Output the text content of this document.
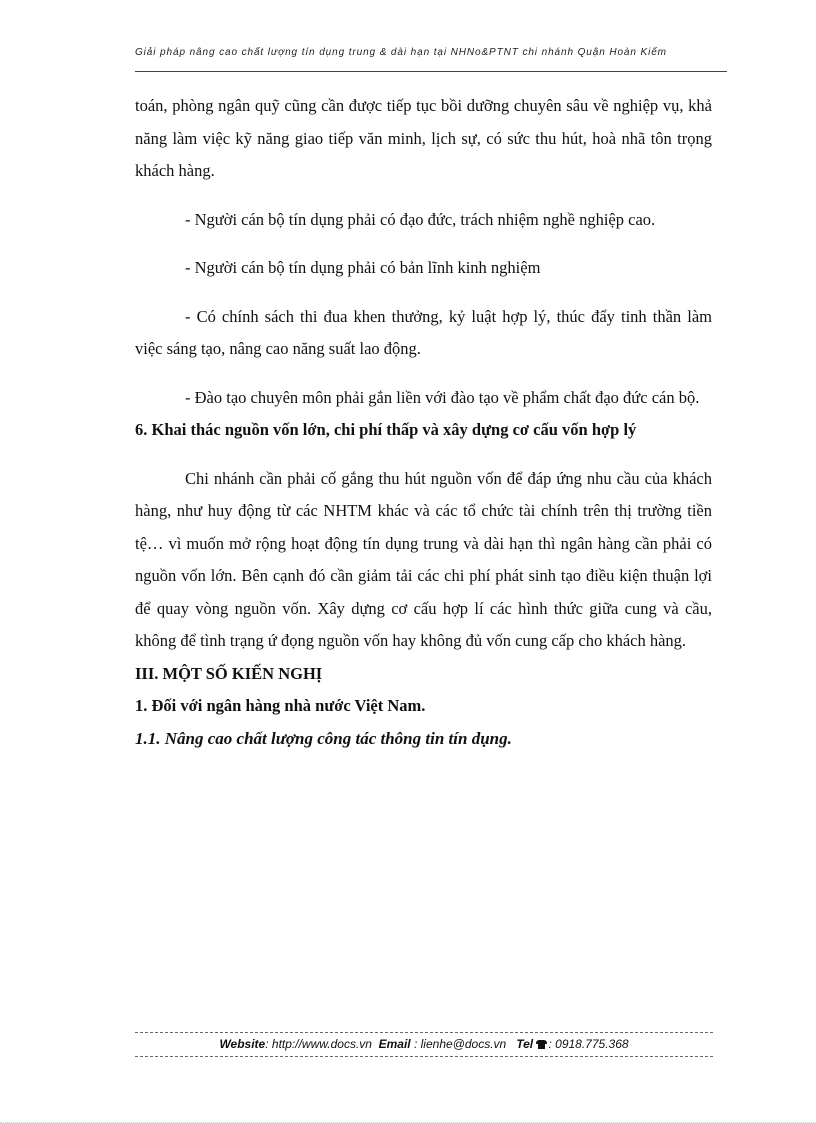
Giải pháp nâng cao chất lượng tín dụng trung & dài hạn tại NHNo&PTNT chi nhánh Quận Hoàn Kiếm

toán, phòng ngân quỹ cũng cần được tiếp tục bồi dưỡng chuyên sâu về nghiệp vụ, khả năng làm việc kỹ năng giao tiếp văn minh, lịch sự, có sức thu hút, hoà nhã tôn trọng khách hàng.

- Người cán bộ tín dụng phải có đạo đức, trách nhiệm nghề nghiệp cao.

- Người cán bộ tín dụng phải có bản lĩnh kinh nghiệm

- Có chính sách thi đua khen thưởng, kỷ luật hợp lý, thúc đẩy tinh thần làm việc sáng tạo, nâng cao năng suất lao động.

- Đào tạo chuyên môn phải gắn liền với đào tạo về phẩm chất đạo đức cán bộ.

6. Khai thác nguồn vốn lớn, chi phí thấp và xây dựng cơ cấu vốn hợp lý

Chi nhánh cần phải cố gắng thu hút nguồn vốn để đáp ứng nhu cầu của khách hàng, như huy động từ các NHTM khác và các tổ chức tài chính trên thị trường tiền tệ… vì muốn mở rộng hoạt động tín dụng trung và dài hạn thì ngân hàng cần phải có nguồn vốn lớn. Bên cạnh đó cần giảm tải các chi phí phát sinh tạo điều kiện thuận lợi để quay vòng nguồn vốn. Xây dựng cơ cấu hợp lí các hình thức giữa cung và cầu, không để tình trạng ứ đọng nguồn vốn hay không đủ vốn cung cấp cho khách hàng.

III. MỘT SỐ KIẾN NGHỊ

1. Đối với ngân hàng nhà nước Việt Nam.

1.1. Nâng cao chất lượng công tác thông tin tín dụng.

Website: http://www.docs.vn Email : lienhe@docs.vn Tel : 0918.775.368
